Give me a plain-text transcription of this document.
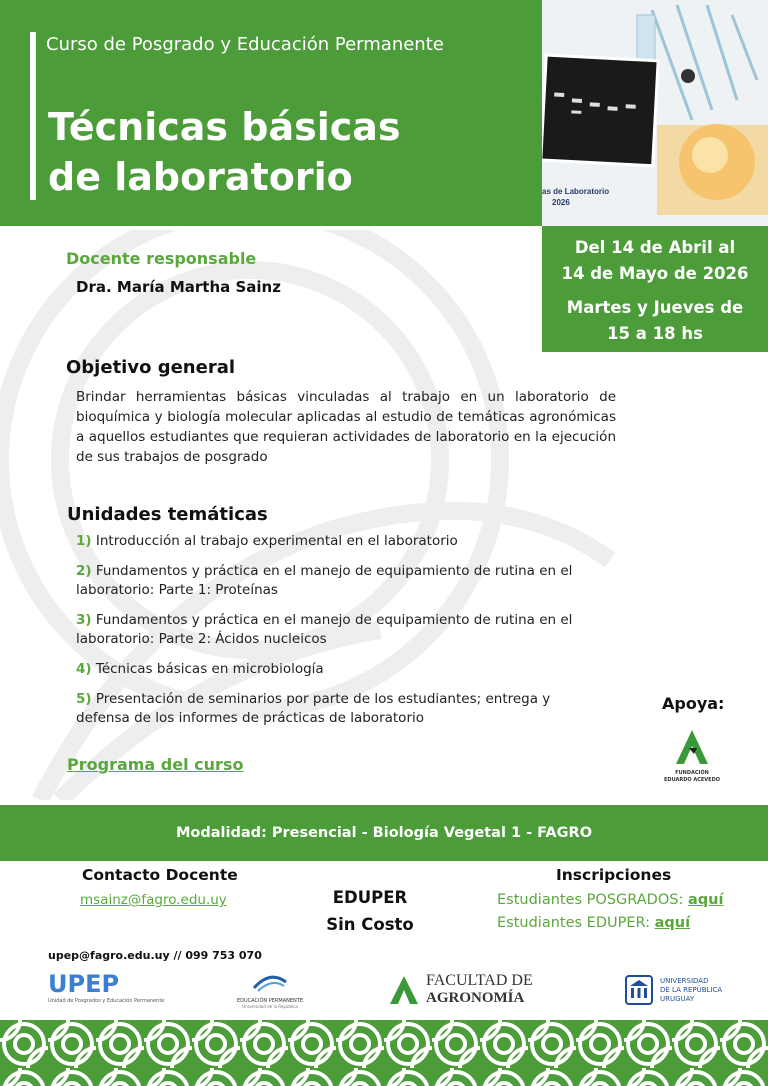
Curso de Posgrado y Educación Permanente
Técnicas básicas
de laboratorio	as de Laboratorio
2026
Del 14 de Abril al
14 de Mayo de 2026
Martes y Jueves de
15 a 18 hs
Docente responsable
Dra. María Martha Sainz
Objetivo general
Brindar herramientas básicas vinculadas al trabajo en un laboratorio de bioquímica y biología molecular aplicadas al estudio de temáticas agronómicas a aquellos estudiantes que requieran actividades de laboratorio en la ejecución de sus trabajos de posgrado
Unidades temáticas
1) Introducción al trabajo experimental en el laboratorio
2) Fundamentos y práctica en el manejo de equipamiento de rutina en el laboratorio: Parte 1: Proteínas
3) Fundamentos y práctica en el manejo de equipamiento de rutina en el laboratorio: Parte 2: Ácidos nucleicos
4) Técnicas básicas en microbiología
5) Presentación de seminarios por parte de los estudiantes; entrega y defensa de los informes de prácticas de laboratorio
Programa del curso
Apoya:
FUNDACIÓN
EDUARDO ACEVEDO
Modalidad: Presencial - Biología Vegetal 1 - FAGRO
Contacto Docente
msainz@fagro.edu.uy	EDUPER
Sin Costo
Inscripciones
Estudiantes POSGRADOS: aquí
Estudiantes EDUPER: aquí
upep@fagro.edu.uy // 099 753 070
UPEP
Unidad de Posgrados y Educación Permanente	EDUCACIÓN PERMANENTE
Universidad de la República
FACULTAD DE
AGRONOMÍA
UNIVERSIDAD
DE LA REPÚBLICA
URUGUAY
